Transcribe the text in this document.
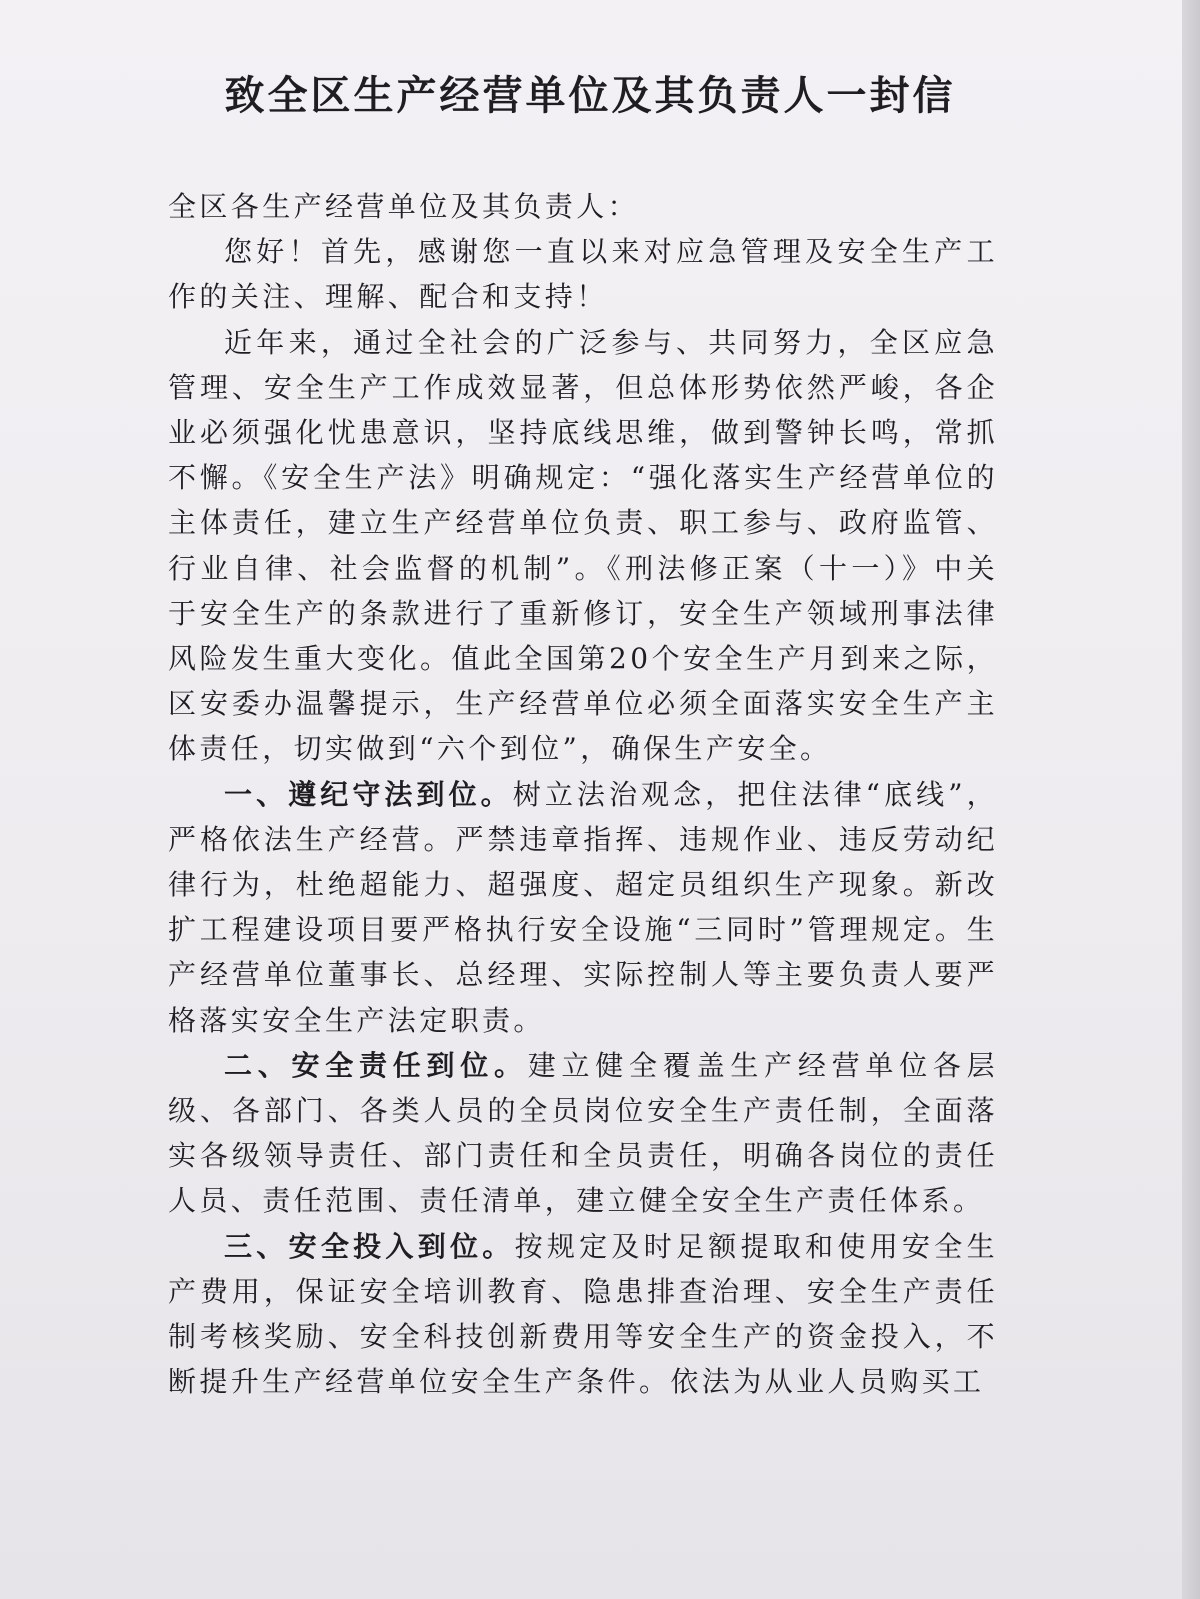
致全区生产经营单位及其负责人一封信

全区各生产经营单位及其负责人：

您好！首先，感谢您一直以来对应急管理及安全生产工作的关注、理解、配合和支持！

近年来，通过全社会的广泛参与、共同努力，全区应急管理、安全生产工作成效显著，但总体形势依然严峻，各企业必须强化忧患意识，坚持底线思维，做到警钟长鸣，常抓不懈。《安全生产法》明确规定：“强化落实生产经营单位的主体责任，建立生产经营单位负责、职工参与、政府监管、行业自律、社会监督的机制”。《刑法修正案（十一）》中关于安全生产的条款进行了重新修订，安全生产领域刑事法律风险发生重大变化。值此全国第20个安全生产月到来之际，区安委办温馨提示，生产经营单位必须全面落实安全生产主体责任，切实做到“六个到位”，确保生产安全。

一、遵纪守法到位。树立法治观念，把住法律“底线”，严格依法生产经营。严禁违章指挥、违规作业、违反劳动纪律行为，杜绝超能力、超强度、超定员组织生产现象。新改扩工程建设项目要严格执行安全设施“三同时”管理规定。生产经营单位董事长、总经理、实际控制人等主要负责人要严格落实安全生产法定职责。

二、安全责任到位。建立健全覆盖生产经营单位各层级、各部门、各类人员的全员岗位安全生产责任制，全面落实各级领导责任、部门责任和全员责任，明确各岗位的责任人员、责任范围、责任清单，建立健全安全生产责任体系。

三、安全投入到位。按规定及时足额提取和使用安全生产费用，保证安全培训教育、隐患排查治理、安全生产责任制考核奖励、安全科技创新费用等安全生产的资金投入，不断提升生产经营单位安全生产条件。依法为从业人员购买工
